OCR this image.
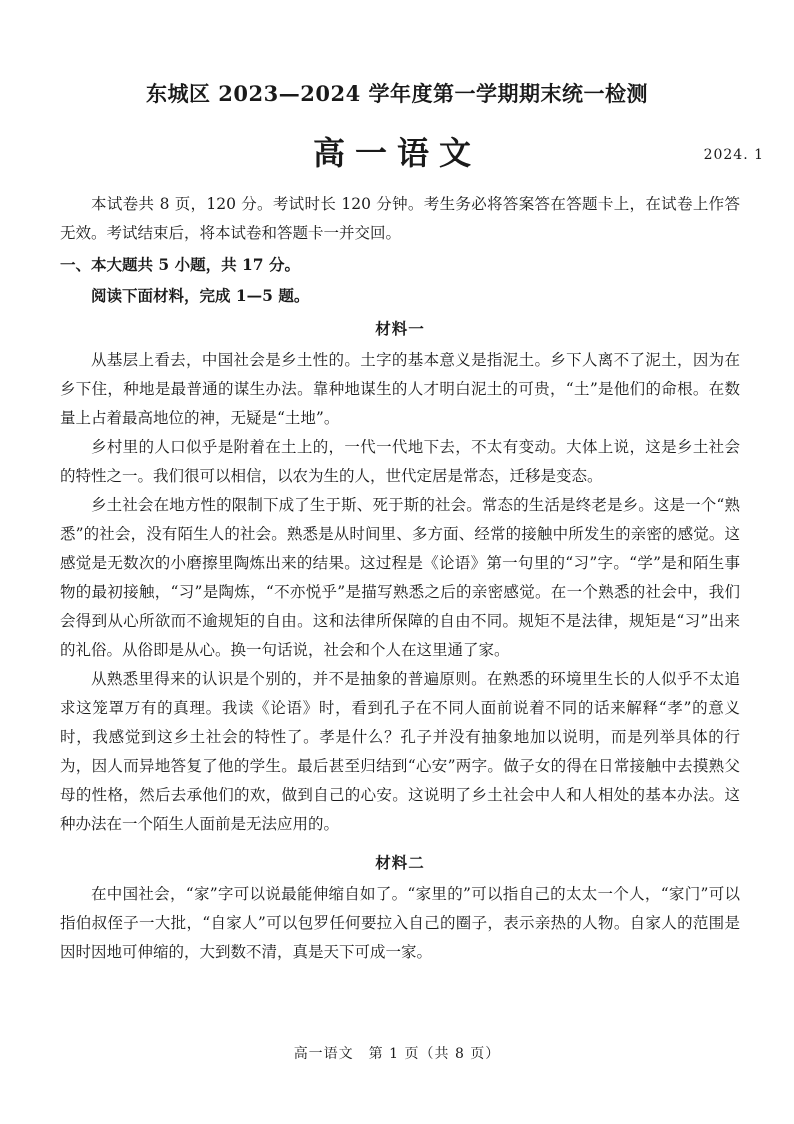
东城区 2023—2024 学年度第一学期期末统一检测
高一语文	2024. 1

本试卷共 8 页，120 分。考试时长 120 分钟。考生务必将答案答在答题卡上，在试卷上作答无效。考试结束后，将本试卷和答题卡一并交回。

一、本大题共 5 小题，共 17 分。

阅读下面材料，完成 1—5 题。

材料一

从基层上看去，中国社会是乡土性的。土字的基本意义是指泥土。乡下人离不了泥土，因为在乡下住，种地是最普通的谋生办法。靠种地谋生的人才明白泥土的可贵，“土”是他们的命根。在数量上占着最高地位的神，无疑是“土地”。

乡村里的人口似乎是附着在土上的，一代一代地下去，不太有变动。大体上说，这是乡土社会的特性之一。我们很可以相信，以农为生的人，世代定居是常态，迁移是变态。

乡土社会在地方性的限制下成了生于斯、死于斯的社会。常态的生活是终老是乡。这是一个“熟悉”的社会，没有陌生人的社会。熟悉是从时间里、多方面、经常的接触中所发生的亲密的感觉。这感觉是无数次的小磨擦里陶炼出来的结果。这过程是《论语》第一句里的“习”字。“学”是和陌生事物的最初接触，“习”是陶炼，“不亦悦乎”是描写熟悉之后的亲密感觉。在一个熟悉的社会中，我们会得到从心所欲而不逾规矩的自由。这和法律所保障的自由不同。规矩不是法律，规矩是“习”出来的礼俗。从俗即是从心。换一句话说，社会和个人在这里通了家。

从熟悉里得来的认识是个别的，并不是抽象的普遍原则。在熟悉的环境里生长的人似乎不太追求这笼罩万有的真理。我读《论语》时，看到孔子在不同人面前说着不同的话来解释“孝”的意义时，我感觉到这乡土社会的特性了。孝是什么？孔子并没有抽象地加以说明，而是列举具体的行为，因人而异地答复了他的学生。最后甚至归结到“心安”两字。做子女的得在日常接触中去摸熟父母的性格，然后去承他们的欢，做到自己的心安。这说明了乡土社会中人和人相处的基本办法。这种办法在一个陌生人面前是无法应用的。

材料二

在中国社会，“家”字可以说最能伸缩自如了。“家里的”可以指自己的太太一个人，“家门”可以指伯叔侄子一大批，“自家人”可以包罗任何要拉入自己的圈子，表示亲热的人物。自家人的范围是因时因地可伸缩的，大到数不清，真是天下可成一家。

高一语文　第 1 页（共 8 页）
